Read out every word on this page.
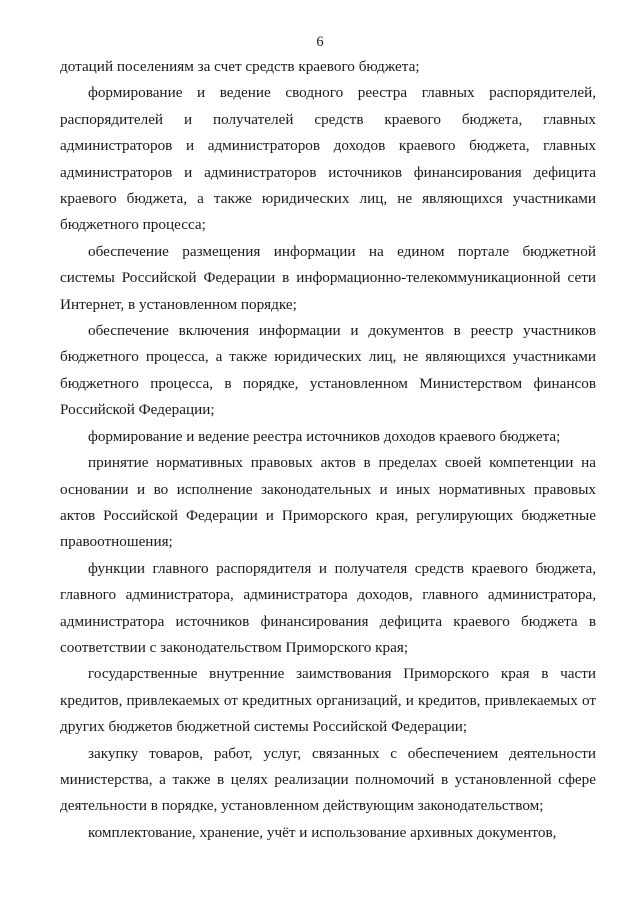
6

дотаций поселениям за счет средств краевого бюджета;

формирование и ведение сводного реестра главных распорядителей, распорядителей и получателей средств краевого бюджета, главных администраторов и администраторов доходов краевого бюджета, главных администраторов и администраторов источников финансирования дефицита краевого бюджета, а также юридических лиц, не являющихся участниками бюджетного процесса;

обеспечение размещения информации на едином портале бюджетной системы Российской Федерации в информационно-телекоммуникационной сети Интернет, в установленном порядке;

обеспечение включения информации и документов в реестр участников бюджетного процесса, а также юридических лиц, не являющихся участниками бюджетного процесса, в порядке, установленном Министерством финансов Российской Федерации;

формирование и ведение реестра источников доходов краевого бюджета;

принятие нормативных правовых актов в пределах своей компетенции на основании и во исполнение законодательных и иных нормативных правовых актов Российской Федерации и Приморского края, регулирующих бюджетные правоотношения;

функции главного распорядителя и получателя средств краевого бюджета, главного администратора, администратора доходов, главного администратора, администратора источников финансирования дефицита краевого бюджета в соответствии с законодательством Приморского края;

государственные внутренние заимствования Приморского края в части кредитов, привлекаемых от кредитных организаций, и кредитов, привлекаемых от других бюджетов бюджетной системы Российской Федерации;

закупку товаров, работ, услуг, связанных с обеспечением деятельности министерства, а также в целях реализации полномочий в установленной сфере деятельности в порядке, установленном действующим законодательством;

комплектование, хранение, учёт и использование архивных документов,
